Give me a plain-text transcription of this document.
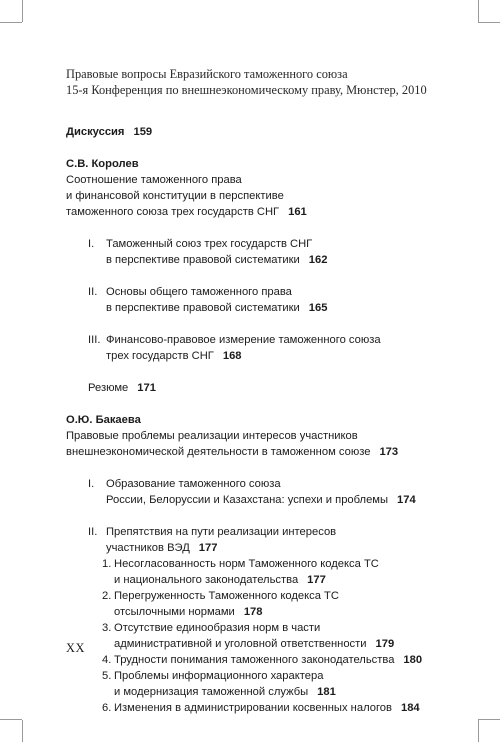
Правовые вопросы Евразийского таможенного союза
15-я Конференция по внешнеэкономическому праву, Мюнстер, 2010
Дискуссия 159
С.В. Королев
Соотношение таможенного права
и финансовой конституции в перспективе
таможенного союза трех государств СНГ 161
I. Таможенный союз трех государств СНГ
в перспективе правовой систематики 162
II. Основы общего таможенного права
в перспективе правовой систематики 165
III. Финансово-правовое измерение таможенного союза
трех государств СНГ 168
Резюме 171
О.Ю. Бакаева
Правовые проблемы реализации интересов участников
внешнеэкономической деятельности в таможенном союзе 173
I. Образование таможенного союза
России, Белоруссии и Казахстана: успехи и проблемы 174
II. Препятствия на пути реализации интересов
участников ВЭД 177
1. Несогласованность норм Таможенного кодекса ТС
и национального законодательства 177
2. Перегруженность Таможенного кодекса ТС
отсылочными нормами 178
3. Отсутствие единообразия норм в части
административной и уголовной ответственности 179
4. Трудности понимания таможенного законодательства 180
5. Проблемы информационного характера
и модернизация таможенной службы 181
6. Изменения в администрировании косвенных налогов 184
XX
